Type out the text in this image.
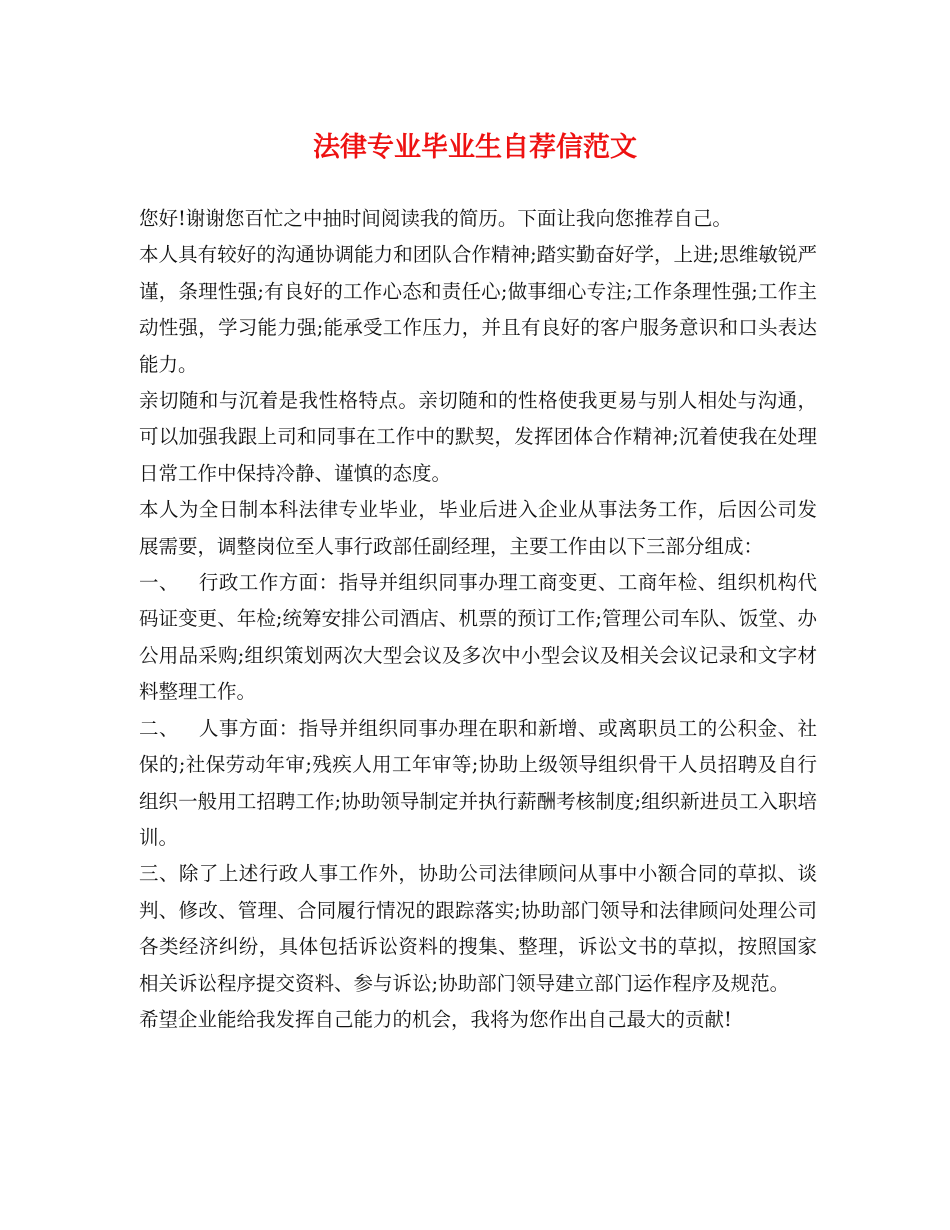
法律专业毕业生自荐信范文

您好!谢谢您百忙之中抽时间阅读我的简历。下面让我向您推荐自己。

本人具有较好的沟通协调能力和团队合作精神;踏实勤奋好学，上进;思维敏锐严谨，条理性强;有良好的工作心态和责任心;做事细心专注;工作条理性强;工作主动性强，学习能力强;能承受工作压力，并且有良好的客户服务意识和口头表达能力。

亲切随和与沉着是我性格特点。亲切随和的性格使我更易与别人相处与沟通，可以加强我跟上司和同事在工作中的默契，发挥团体合作精神;沉着使我在处理日常工作中保持冷静、谨慎的态度。

本人为全日制本科法律专业毕业，毕业后进入企业从事法务工作，后因公司发展需要，调整岗位至人事行政部任副经理，主要工作由以下三部分组成：

一、 行政工作方面：指导并组织同事办理工商变更、工商年检、组织机构代码证变更、年检;统筹安排公司酒店、机票的预订工作;管理公司车队、饭堂、办公用品采购;组织策划两次大型会议及多次中小型会议及相关会议记录和文字材料整理工作。

二、 人事方面：指导并组织同事办理在职和新增、或离职员工的公积金、社保的;社保劳动年审;残疾人用工年审等;协助上级领导组织骨干人员招聘及自行组织一般用工招聘工作;协助领导制定并执行薪酬考核制度;组织新进员工入职培训。

三、除了上述行政人事工作外，协助公司法律顾问从事中小额合同的草拟、谈判、修改、管理、合同履行情况的跟踪落实;协助部门领导和法律顾问处理公司各类经济纠纷，具体包括诉讼资料的搜集、整理，诉讼文书的草拟，按照国家相关诉讼程序提交资料、参与诉讼;协助部门领导建立部门运作程序及规范。

希望企业能给我发挥自己能力的机会，我将为您作出自己最大的贡献!
